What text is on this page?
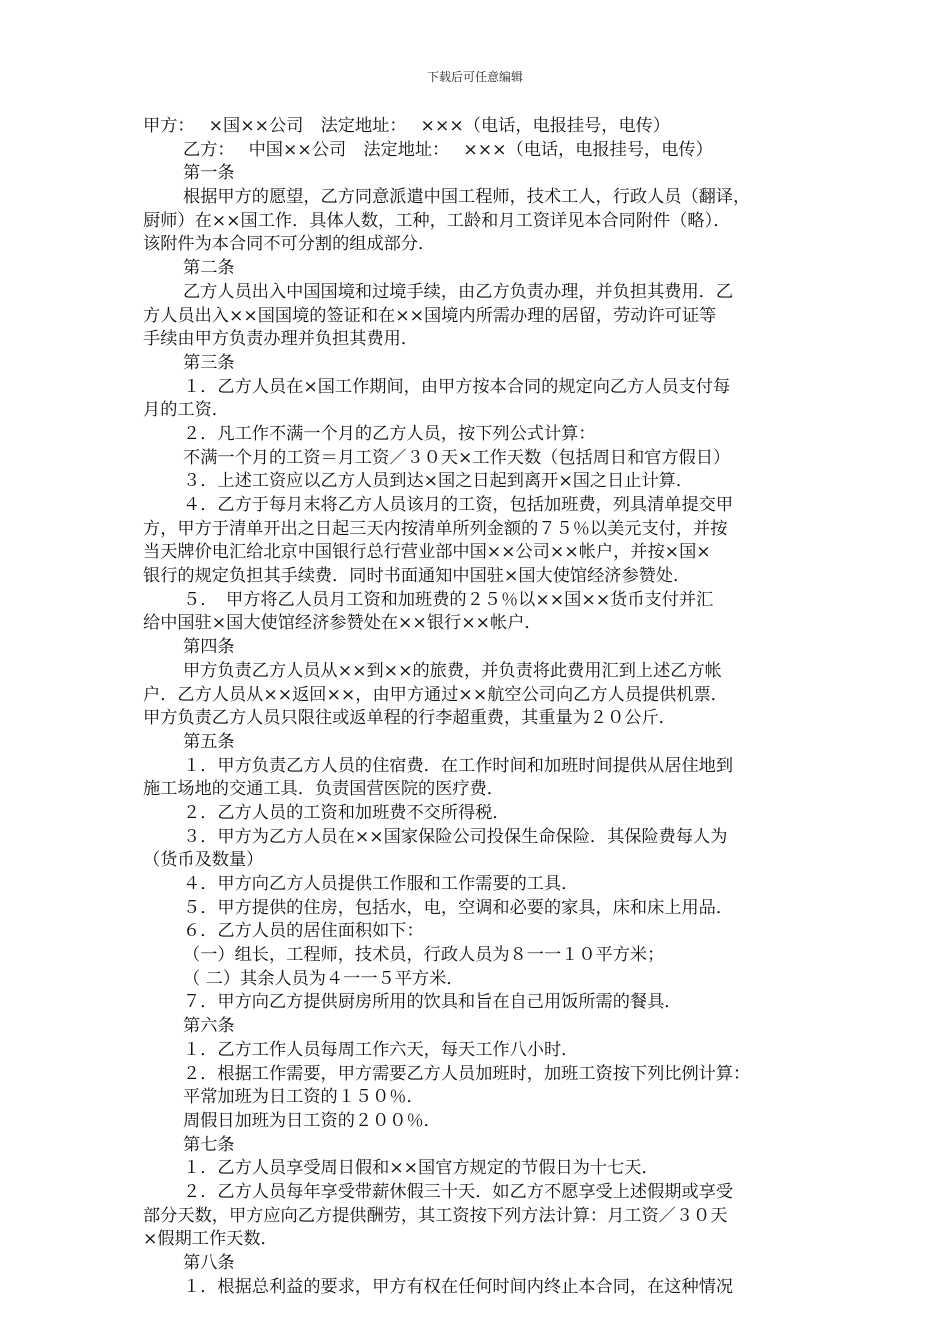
下载后可任意编辑
甲方：　 ×国××公司　法定地址：　 ×××（电话，电报挂号，电传）
乙方：　 中国××公司　法定地址：　 ×××（电话，电报挂号，电传）
第一条
根据甲方的愿望，乙方同意派遣中国工程师，技术工人，行政人员（翻译，
厨师）在××国工作．具体人数，工种，工龄和月工资详见本合同附件（略）．
该附件为本合同不可分割的组成部分．
第二条
乙方人员出入中国国境和过境手续，由乙方负责办理，并负担其费用．乙
方人员出入××国国境的签证和在××国境内所需办理的居留，劳动许可证等
手续由甲方负责办理并负担其费用．
第三条
１．乙方人员在×国工作期间，由甲方按本合同的规定向乙方人员支付每
月的工资．
２．凡工作不满一个月的乙方人员，按下列公式计算：
不满一个月的工资＝月工资／３０天×工作天数（包括周日和官方假日）
３．上述工资应以乙方人员到达×国之日起到离开×国之日止计算．
４．乙方于每月末将乙方人员该月的工资，包括加班费，列具清单提交甲
方，甲方于清单开出之日起三天内按清单所列金额的７５％以美元支付，并按
当天牌价电汇给北京中国银行总行营业部中国××公司××帐户，并按×国×
银行的规定负担其手续费．同时书面通知中国驻×国大使馆经济参赞处．
５．　甲方将乙人员月工资和加班费的２５％以××国××货币支付并汇
给中国驻×国大使馆经济参赞处在××银行××帐户．
第四条
甲方负责乙方人员从××到××的旅费，并负责将此费用汇到上述乙方帐
户．乙方人员从××返回××，由甲方通过××航空公司向乙方人员提供机票．
甲方负责乙方人员只限往或返单程的行李超重费，其重量为２０公斤．
第五条
１．甲方负责乙方人员的住宿费．在工作时间和加班时间提供从居住地到
施工场地的交通工具．负责国营医院的医疗费．
２．乙方人员的工资和加班费不交所得税．
３．甲方为乙方人员在××国家保险公司投保生命保险．其保险费每人为
（货币及数量）
４．甲方向乙方人员提供工作服和工作需要的工具．
５．甲方提供的住房，包括水，电，空调和必要的家具，床和床上用品．
６．乙方人员的居住面积如下：
（一）组长，工程师，技术员，行政人员为８一一１０平方米；
（ 二）其余人员为４一一５平方米．
７．甲方向乙方提供厨房所用的饮具和旨在自己用饭所需的餐具．
第六条
１．乙方工作人员每周工作六天，每天工作八小时．
２．根据工作需要，甲方需要乙方人员加班时，加班工资按下列比例计算：
平常加班为日工资的１５０％．
周假日加班为日工资的２００％．
第七条
１．乙方人员享受周日假和××国官方规定的节假日为十七天．
２．乙方人员每年享受带薪休假三十天．如乙方不愿享受上述假期或享受
部分天数，甲方应向乙方提供酬劳，其工资按下列方法计算：月工资／３０天
×假期工作天数．
第八条
１．根据总利益的要求，甲方有权在任何时间内终止本合同，在这种情况
